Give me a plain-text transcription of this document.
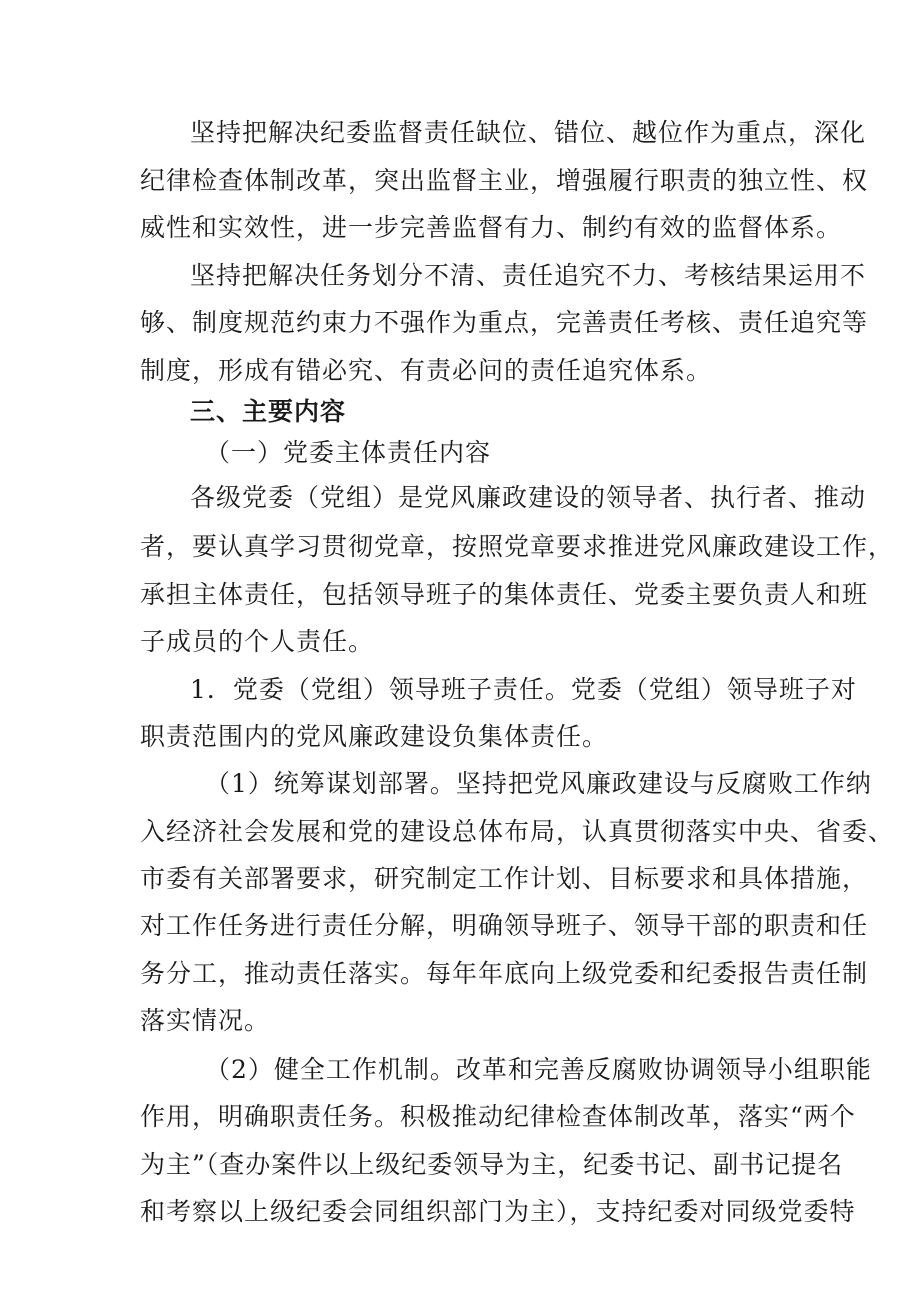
坚持把解决纪委监督责任缺位、错位、越位作为重点，深化
纪律检查体制改革，突出监督主业，增强履行职责的独立性、权
威性和实效性，进一步完善监督有力、制约有效的监督体系。
坚持把解决任务划分不清、责任追究不力、考核结果运用不
够、制度规范约束力不强作为重点，完善责任考核、责任追究等
制度，形成有错必究、有责必问的责任追究体系。
三、主要内容
（一）党委主体责任内容
各级党委（党组）是党风廉政建设的领导者、执行者、推动
者，要认真学习贯彻党章，按照党章要求推进党风廉政建设工作，
承担主体责任，包括领导班子的集体责任、党委主要负责人和班
子成员的个人责任。
1．党委（党组）领导班子责任。党委（党组）领导班子对
职责范围内的党风廉政建设负集体责任。
（1）统筹谋划部署。坚持把党风廉政建设与反腐败工作纳
入经济社会发展和党的建设总体布局，认真贯彻落实中央、省委、
市委有关部署要求，研究制定工作计划、目标要求和具体措施，
对工作任务进行责任分解，明确领导班子、领导干部的职责和任
务分工，推动责任落实。每年年底向上级党委和纪委报告责任制
落实情况。
（2）健全工作机制。改革和完善反腐败协调领导小组职能
作用，明确职责任务。积极推动纪律检查体制改革，落实“两个
为主”（查办案件以上级纪委领导为主，纪委书记、副书记提名
和考察以上级纪委会同组织部门为主），支持纪委对同级党委特
